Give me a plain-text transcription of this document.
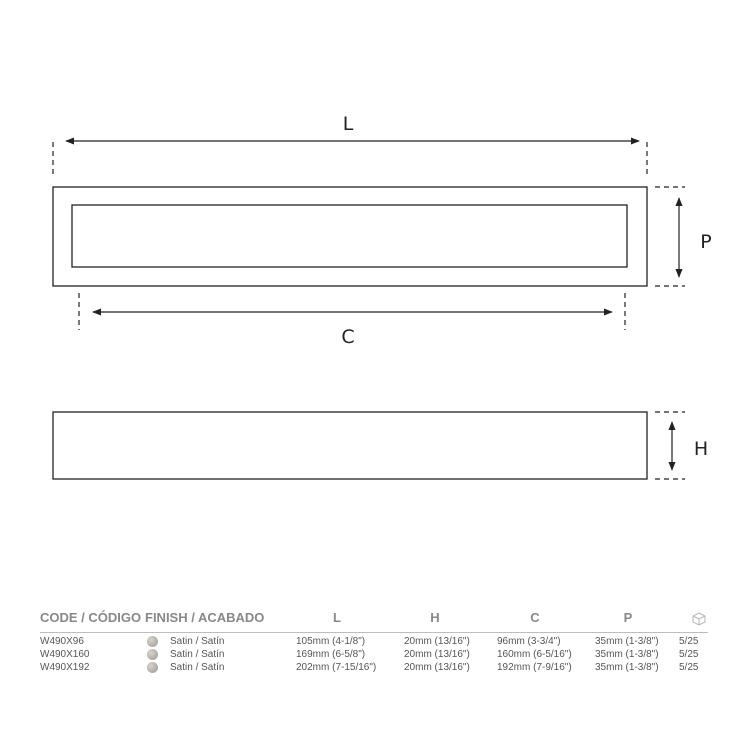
L
C
P
H
CODE / CÓDIGO FINISH / ACABADO	L	H	C	P
W490X96	Satin / Satín	105mm (4-1/8")	20mm (13/16")	96mm (3-3/4")	35mm (1-3/8") 5/25
W490X160	Satin / Satín	169mm (6-5/8")	20mm (13/16")	160mm (6-5/16") 35mm (1-3/8") 5/25
W490X192	Satin / Satín	202mm (7-15/16")	20mm (13/16")	192mm (7-9/16") 35mm (1-3/8") 5/25
